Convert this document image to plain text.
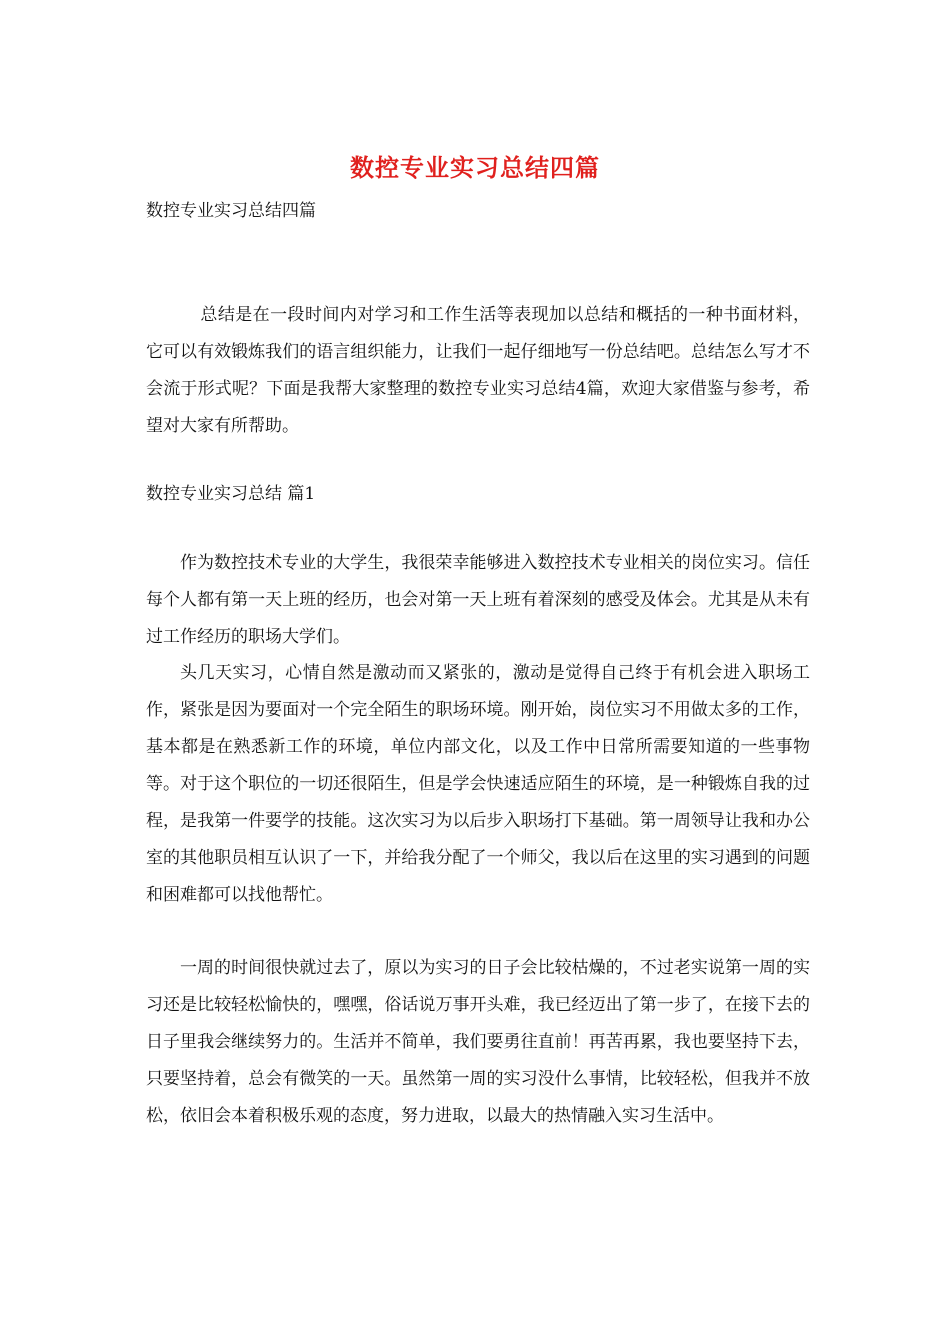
数控专业实习总结四篇
数控专业实习总结四篇

总结是在一段时间内对学习和工作生活等表现加以总结和概括的一种书面材料，它可以有效锻炼我们的语言组织能力，让我们一起仔细地写一份总结吧。总结怎么写才不会流于形式呢？下面是我帮大家整理的数控专业实习总结4篇，欢迎大家借鉴与参考，希望对大家有所帮助。

数控专业实习总结 篇1

作为数控技术专业的大学生，我很荣幸能够进入数控技术专业相关的岗位实习。信任每个人都有第一天上班的经历，也会对第一天上班有着深刻的感受及体会。尤其是从未有过工作经历的职场大学们。

头几天实习，心情自然是激动而又紧张的，激动是觉得自己终于有机会进入职场工作，紧张是因为要面对一个完全陌生的职场环境。刚开始，岗位实习不用做太多的工作，基本都是在熟悉新工作的环境，单位内部文化，以及工作中日常所需要知道的一些事物等。对于这个职位的一切还很陌生，但是学会快速适应陌生的环境，是一种锻炼自我的过程，是我第一件要学的技能。这次实习为以后步入职场打下基础。第一周领导让我和办公室的其他职员相互认识了一下，并给我分配了一个师父，我以后在这里的实习遇到的问题和困难都可以找他帮忙。

一周的时间很快就过去了，原以为实习的日子会比较枯燥的，不过老实说第一周的实习还是比较轻松愉快的，嘿嘿，俗话说万事开头难，我已经迈出了第一步了，在接下去的日子里我会继续努力的。生活并不简单，我们要勇往直前！再苦再累，我也要坚持下去，只要坚持着，总会有微笑的一天。虽然第一周的实习没什么事情，比较轻松，但我并不放松，依旧会本着积极乐观的态度，努力进取，以最大的热情融入实习生活中。
